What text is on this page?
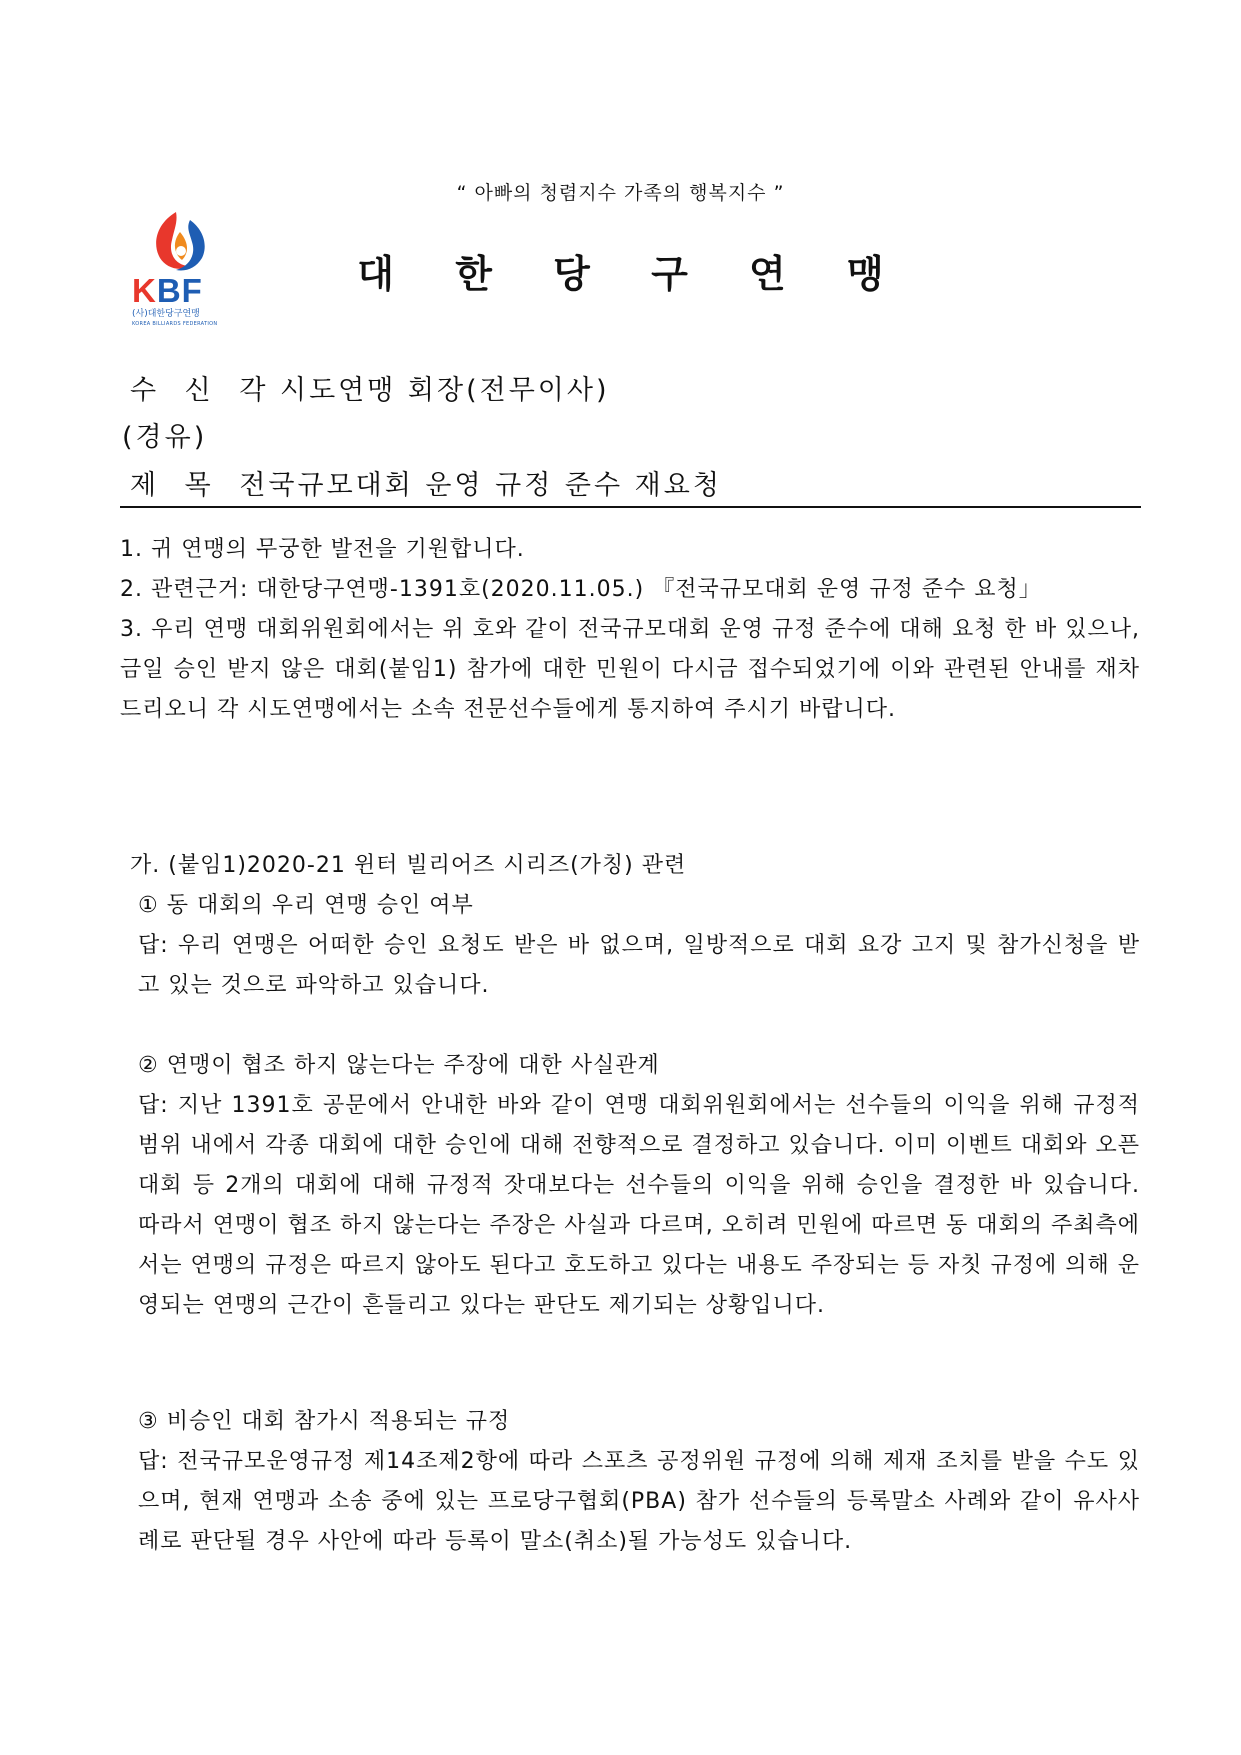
“ 아빠의 청렴지수 가족의 행복지수 ”
KBF
(사)대한당구연맹
KOREA BILLIARDS FEDERATION
대 한 당 구 연 맹
수 신 각 시도연맹 회장(전무이사)
(경유)
제 목 전국규모대회 운영 규정 준수 재요청

1. 귀 연맹의 무궁한 발전을 기원합니다.

2. 관련근거: 대한당구연맹-1391호(2020.11.05.) 『전국규모대회 운영 규정 준수 요청」

3. 우리 연맹 대회위원회에서는 위 호와 같이 전국규모대회 운영 규정 준수에 대해 요청 한 바 있으나, 금일 승인 받지 않은 대회(붙임1) 참가에 대한 민원이 다시금 접수되었기에 이와 관련된 안내를 재차 드리오니 각 시도연맹에서는 소속 전문선수들에게 통지하여 주시기 바랍니다.

가. (붙임1)2020-21 윈터 빌리어즈 시리즈(가칭) 관련

① 동 대회의 우리 연맹 승인 여부

답: 우리 연맹은 어떠한 승인 요청도 받은 바 없으며, 일방적으로 대회 요강 고지 및 참가신청을 받고 있는 것으로 파악하고 있습니다.

② 연맹이 협조 하지 않는다는 주장에 대한 사실관계

답: 지난 1391호 공문에서 안내한 바와 같이 연맹 대회위원회에서는 선수들의 이익을 위해 규정적 범위 내에서 각종 대회에 대한 승인에 대해 전향적으로 결정하고 있습니다. 이미 이벤트 대회와 오픈대회 등 2개의 대회에 대해 규정적 잣대보다는 선수들의 이익을 위해 승인을 결정한 바 있습니다. 따라서 연맹이 협조 하지 않는다는 주장은 사실과 다르며, 오히려 민원에 따르면 동 대회의 주최측에서는 연맹의 규정은 따르지 않아도 된다고 호도하고 있다는 내용도 주장되는 등 자칫 규정에 의해 운영되는 연맹의 근간이 흔들리고 있다는 판단도 제기되는 상황입니다.

③ 비승인 대회 참가시 적용되는 규정

답: 전국규모운영규정 제14조제2항에 따라 스포츠 공정위원 규정에 의해 제재 조치를 받을 수도 있으며, 현재 연맹과 소송 중에 있는 프로당구협회(PBA) 참가 선수들의 등록말소 사례와 같이 유사사례로 판단될 경우 사안에 따라 등록이 말소(취소)될 가능성도 있습니다.
